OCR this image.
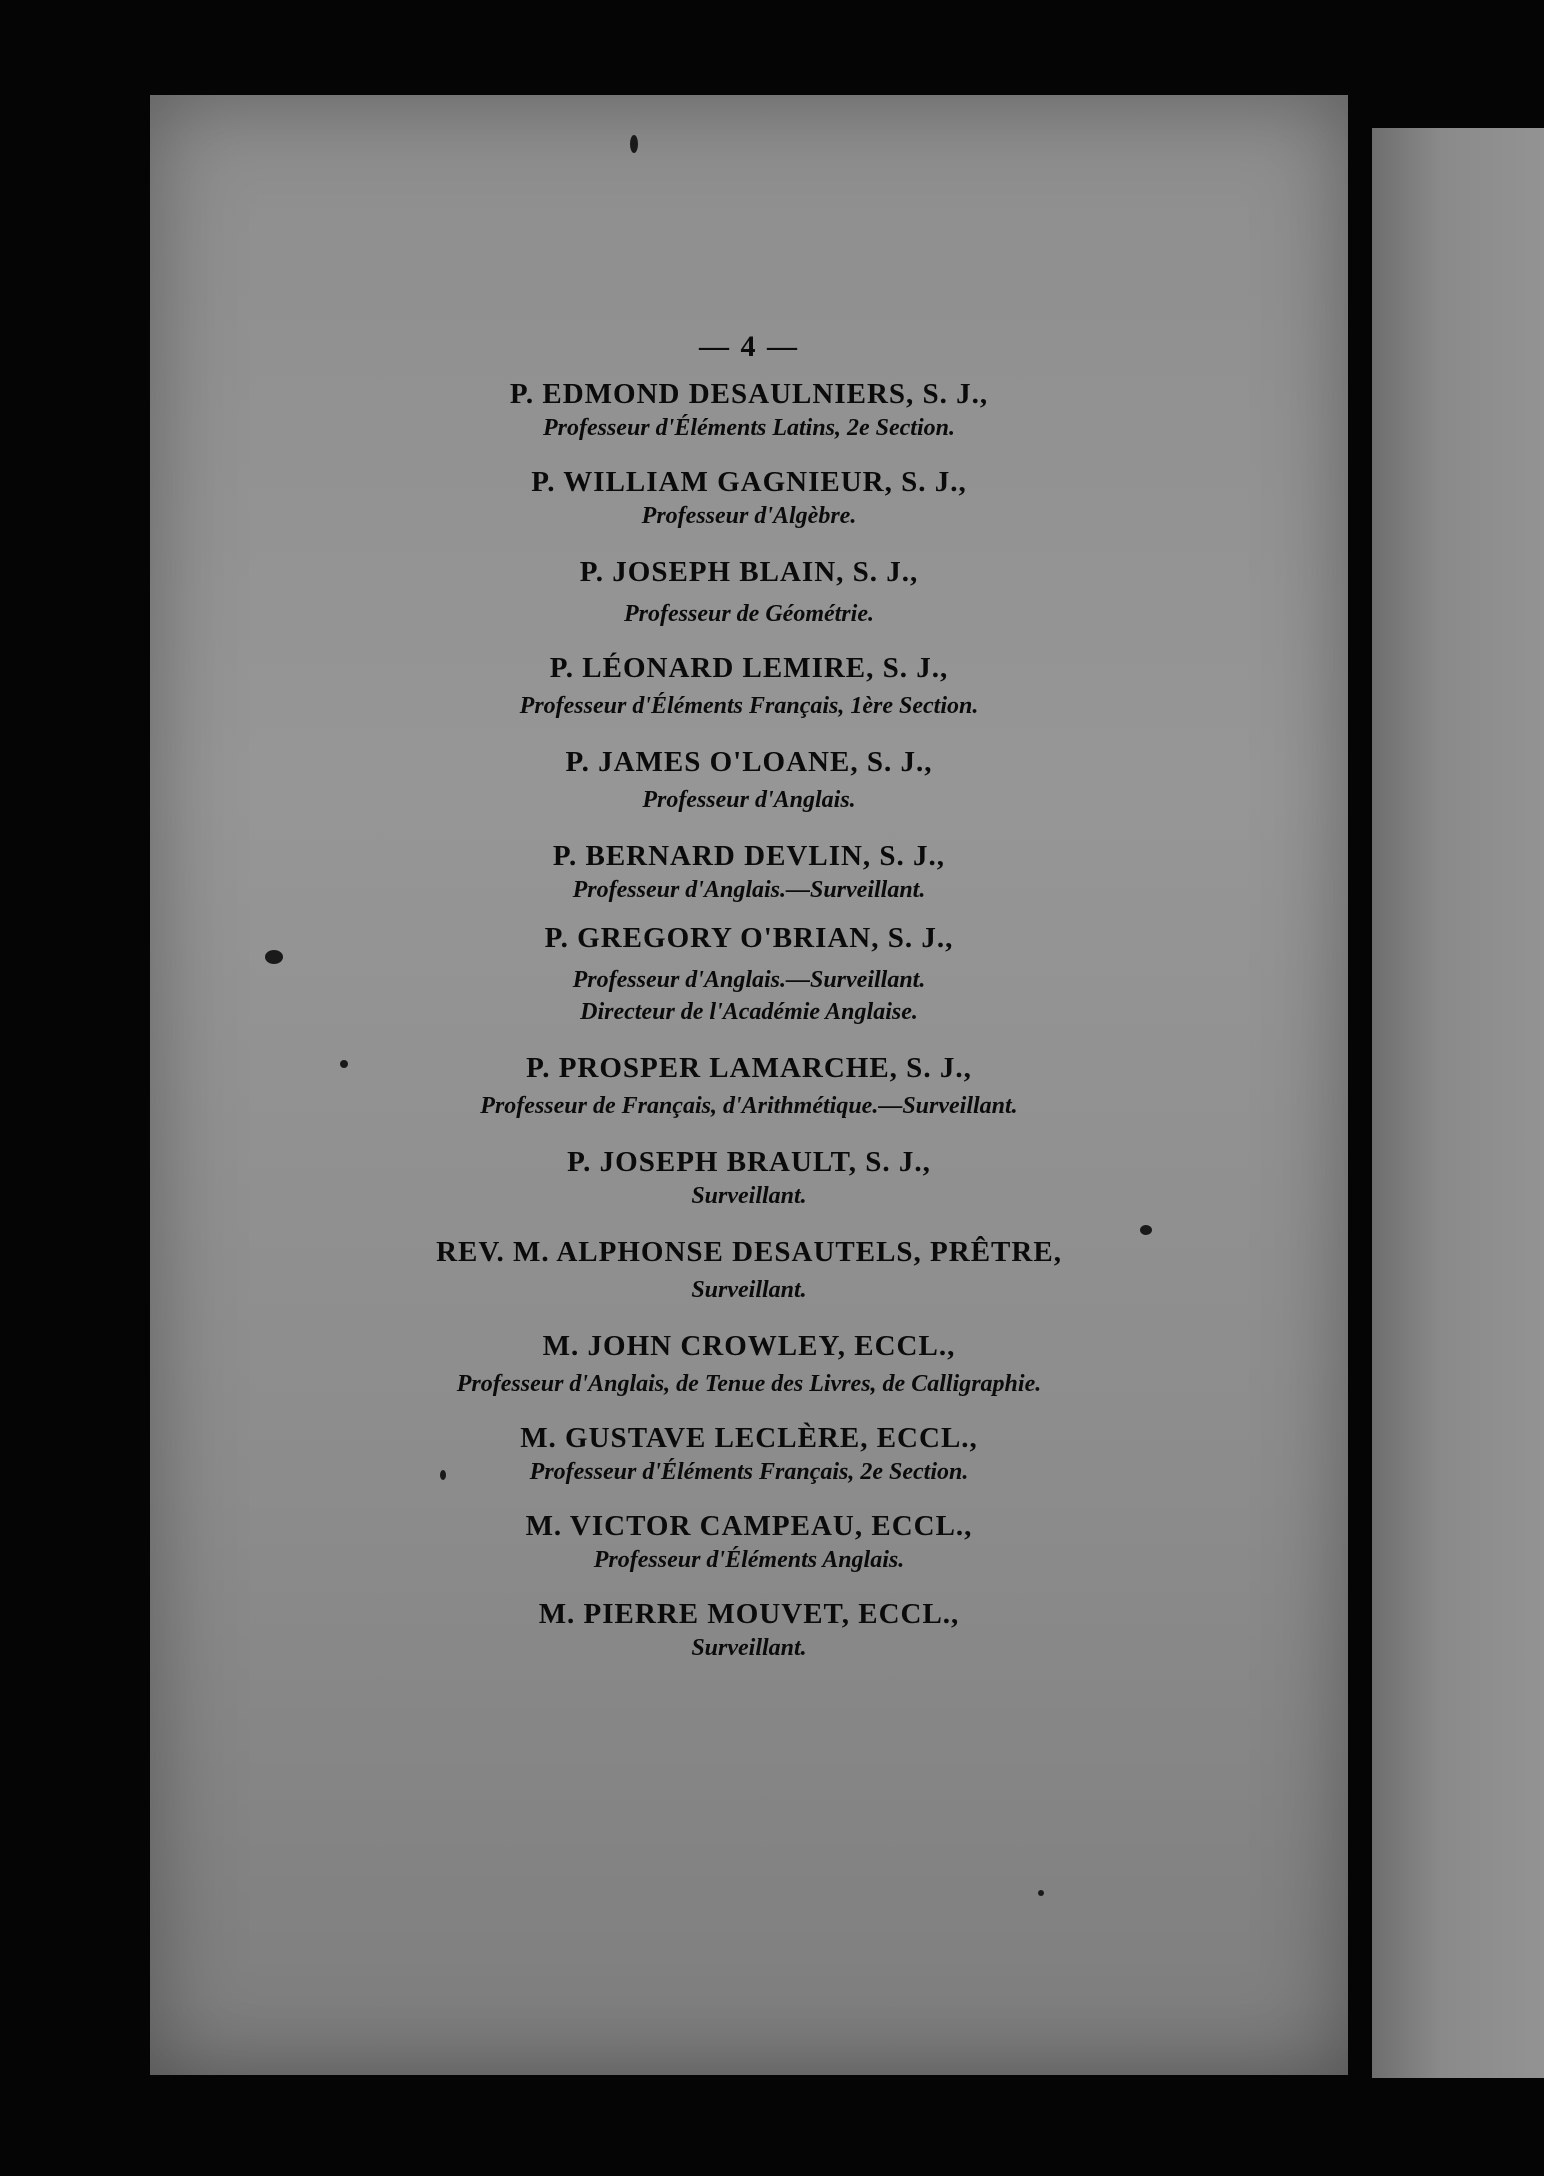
— 4 —
P. EDMOND DESAULNIERS, S. J.,
Professeur d'Éléments Latins, 2e Section.
P. WILLIAM GAGNIEUR, S. J.,
Professeur d'Algèbre.
P. JOSEPH BLAIN, S. J.,
Professeur de Géométrie.
P. LÉONARD LEMIRE, S. J.,
Professeur d'Éléments Français, 1ère Section.
P. JAMES O'LOANE, S. J.,
Professeur d'Anglais.
P. BERNARD DEVLIN, S. J.,
Professeur d'Anglais.—Surveillant.
P. GREGORY O'BRIAN, S. J.,
Professeur d'Anglais.—Surveillant.
Directeur de l'Académie Anglaise.
P. PROSPER LAMARCHE, S. J.,
Professeur de Français, d'Arithmétique.—Surveillant.
P. JOSEPH BRAULT, S. J.,
Surveillant.
REV. M. ALPHONSE DESAUTELS, PRÊTRE,
Surveillant.
M. JOHN CROWLEY, ECCL.,
Professeur d'Anglais, de Tenue des Livres, de Calligraphie.
M. GUSTAVE LECLÈRE, ECCL.,
Professeur d'Éléments Français, 2e Section.
M. VICTOR CAMPEAU, ECCL.,
Professeur d'Éléments Anglais.
M. PIERRE MOUVET, ECCL.,
Surveillant.
